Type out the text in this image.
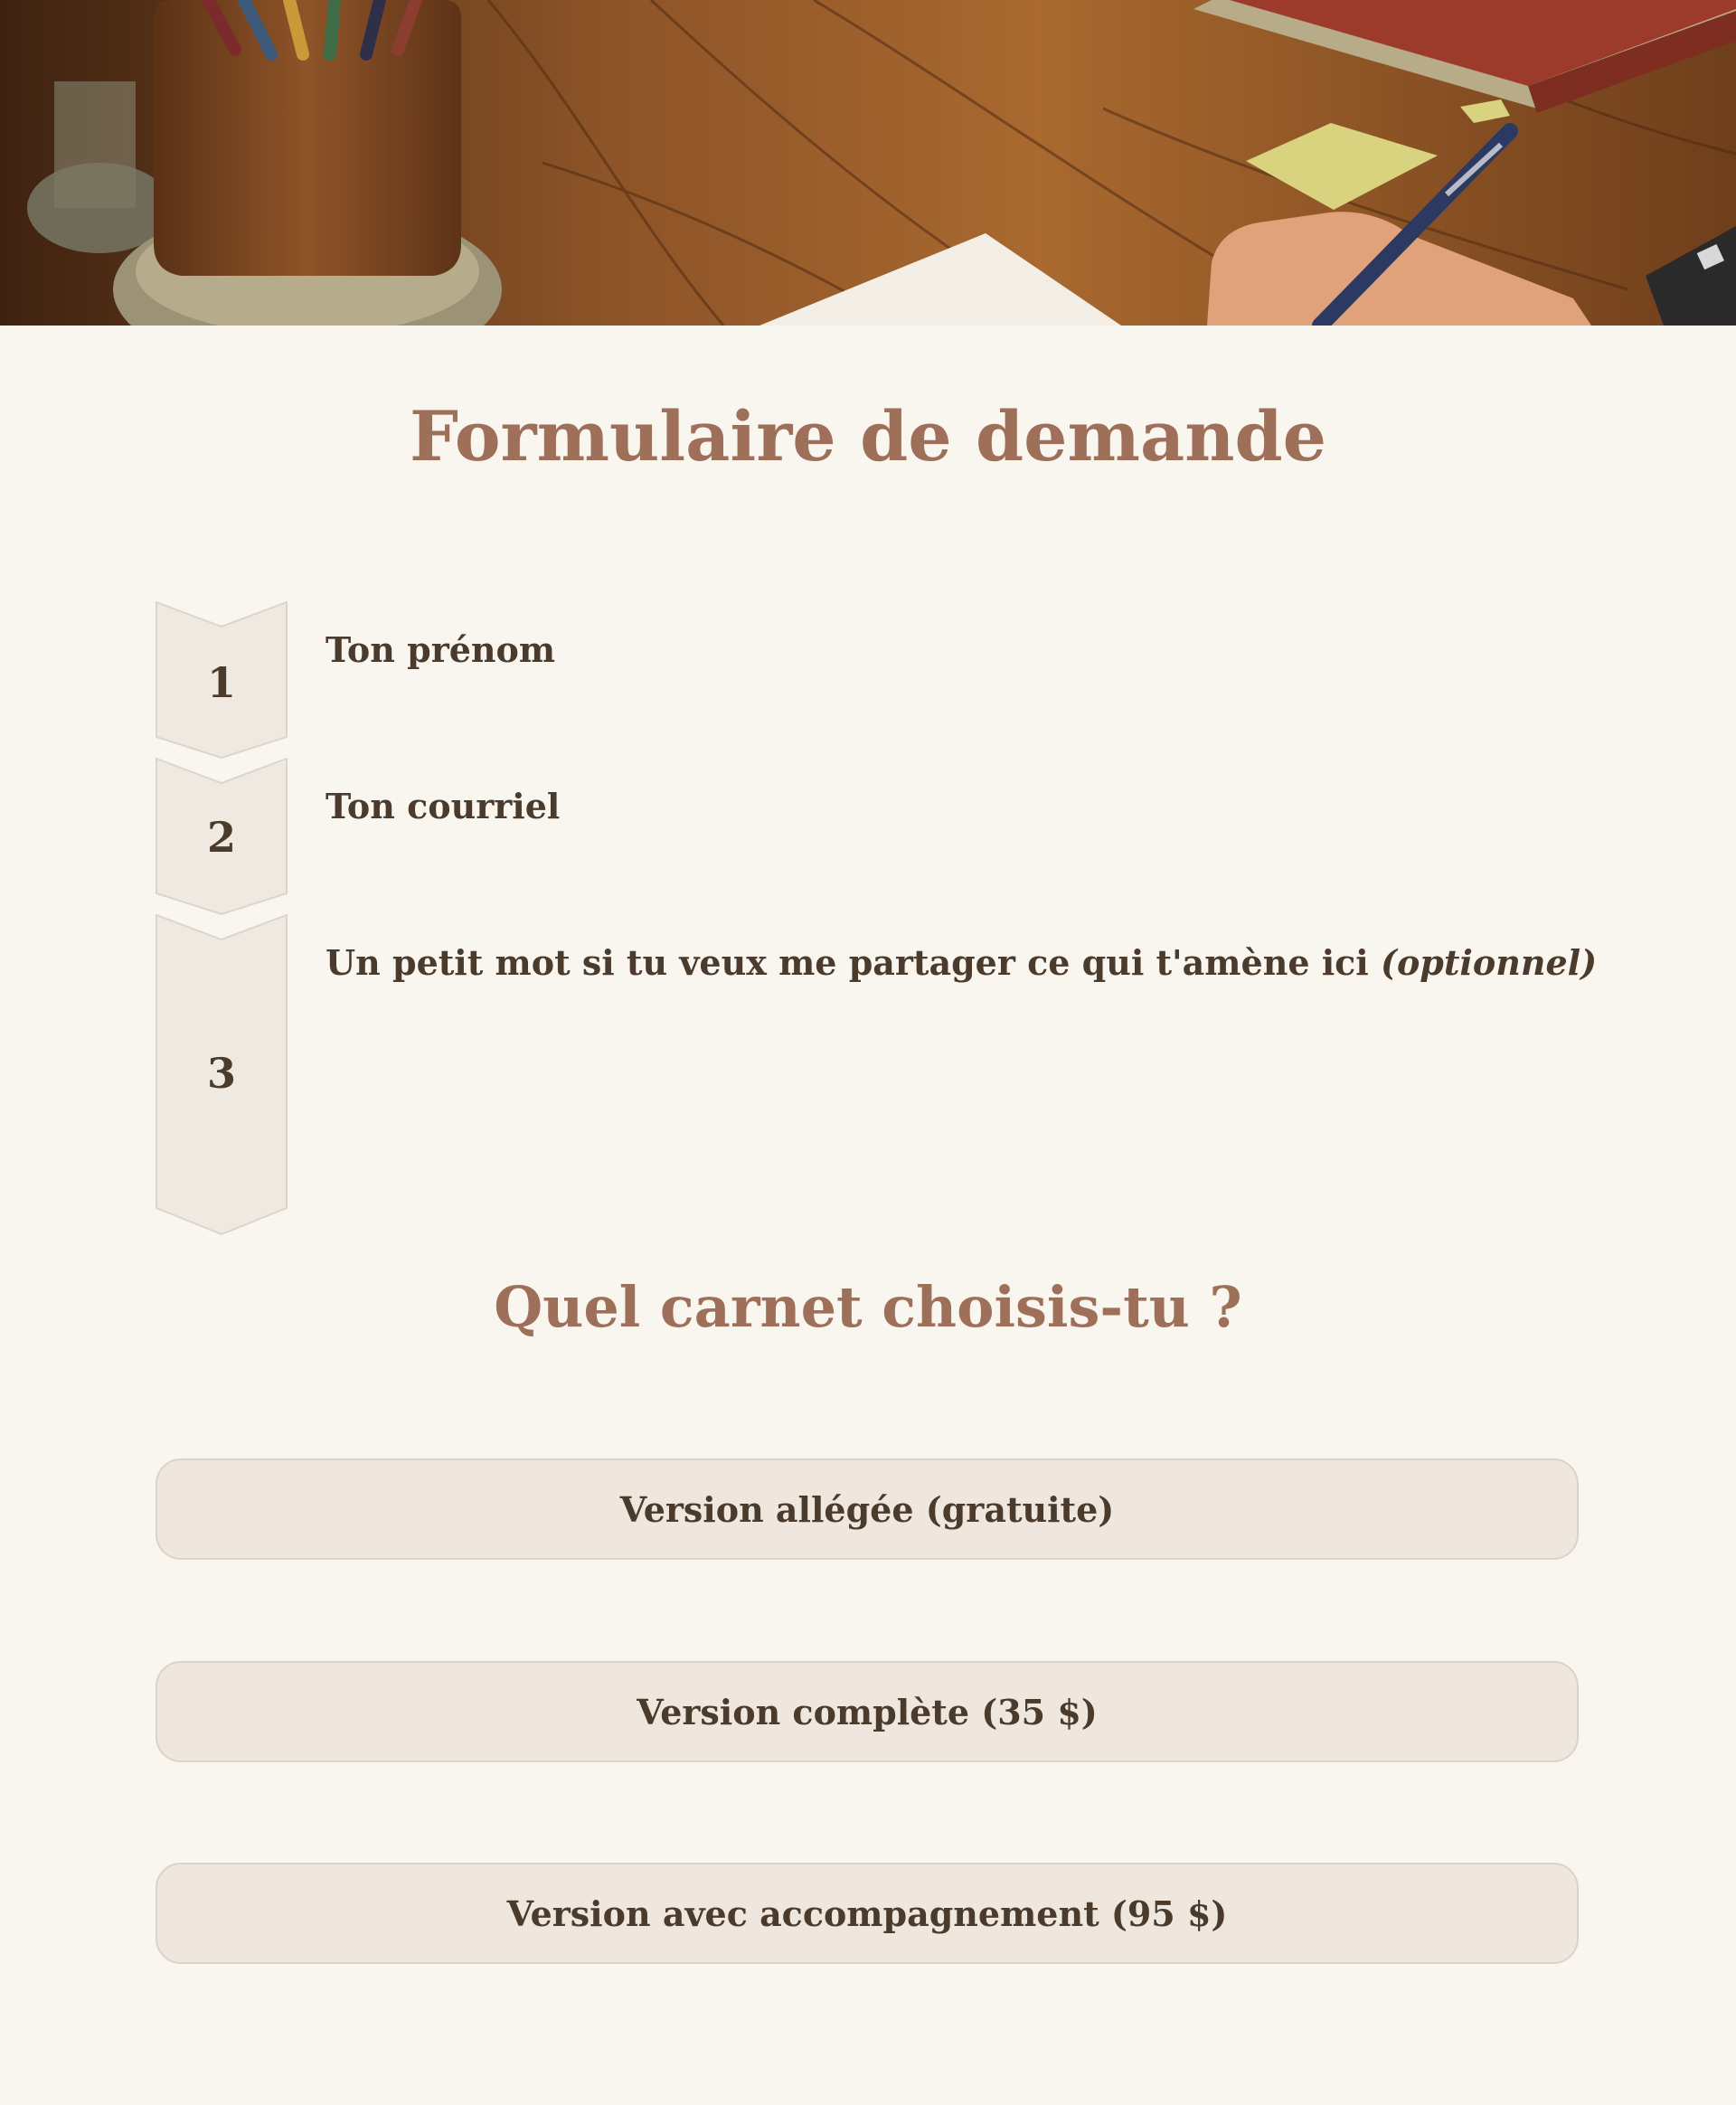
Formulaire de demande
1
Ton prénom
2
Ton courriel
3
Un petit mot si tu veux me partager ce qui t'amène ici (optionnel)
Quel carnet choisis-tu ?
Version allégée (gratuite)
Version complète (35 $)
Version avec accompagnement (95 $)
